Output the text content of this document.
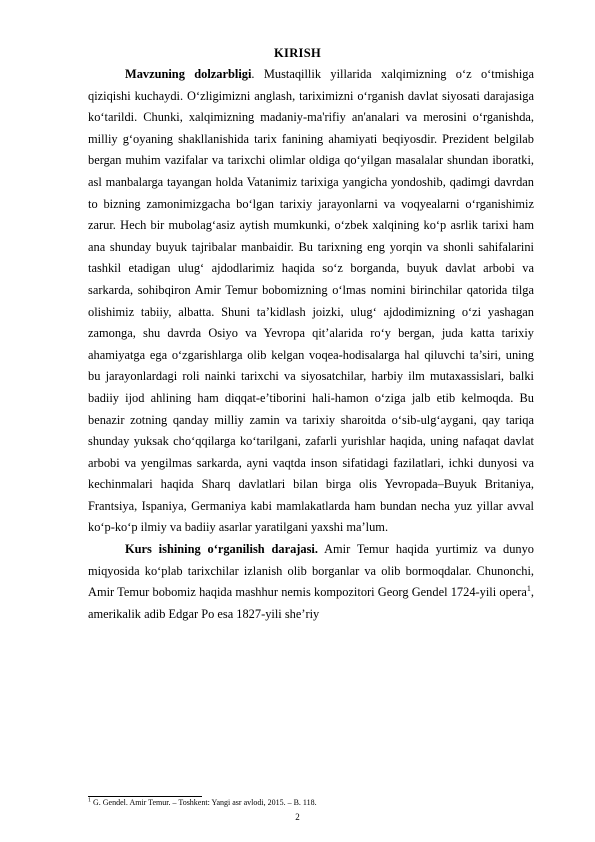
KIRISH

Mavzuning dolzarbligi. Mustaqillik yillarida xalqimizning o‘z o‘tmishiga qiziqishi kuchaydi. O‘zligimizni anglash, tariximizni o‘rganish davlat siyosati darajasiga ko‘tarildi. Chunki, xalqimizning madaniy-ma'rifiy an'analari va merosini o‘rganishda, milliy g‘oyaning shakllanishida tarix fanining ahamiyati beqiyosdir. Prezident belgilab bergan muhim vazifalar va tarixchi olimlar oldiga qo‘yilgan masalalar shundan iboratki, asl manbalarga tayangan holda Vatanimiz tarixiga yangicha yondoshib, qadimgi davrdan to bizning zamonimizgacha bo‘lgan tarixiy jarayonlarni va voqyealarni o‘rganishimiz zarur. Hech bir mubolag‘asiz aytish mumkunki, o‘zbek xalqining ko‘p asrlik tarixi ham ana shunday buyuk tajribalar manbaidir. Bu tarixning eng yorqin va shonli sahifalarini tashkil etadigan ulug‘ ajdodlarimiz haqida so‘z borganda, buyuk davlat arbobi va sarkarda, sohibqiron Amir Temur bobomizning o‘lmas nomini birinchilar qatorida tilga olishimiz tabiiy, albatta. Shuni ta’kidlash joizki, ulug‘ ajdodimizning o‘zi yashagan zamonga, shu davrda Osiyo va Yevropa qit’alarida ro‘y bergan, juda katta tarixiy ahamiyatga ega o‘zgarishlarga olib kelgan voqea-hodisalarga hal qiluvchi ta’siri, uning bu jarayonlardagi roli nainki tarixchi va siyosatchilar, harbiy ilm mutaxassislari, balki badiiy ijod ahlining ham diqqat-e’tiborini hali-hamon o‘ziga jalb etib kelmoqda. Bu benazir zotning qanday milliy zamin va tarixiy sharoitda o‘sib-ulg‘aygani, qay tariqa shunday yuksak cho‘qqilarga ko‘tarilgani, zafarli yurishlar haqida, uning nafaqat davlat arbobi va yengilmas sarkarda, ayni vaqtda inson sifatidagi fazilatlari, ichki dunyosi va kechinmalari haqida Sharq davlatlari bilan birga olis Yevropada–Buyuk Britaniya, Frantsiya, Ispaniya, Germaniya kabi mamlakatlarda ham bundan necha yuz yillar avval ko‘p-ko‘p ilmiy va badiiy asarlar yaratilgani yaxshi ma’lum.

Kurs ishining o‘rganilish darajasi. Amir Temur haqida yurtimiz va dunyo miqyosida ko‘plab tarixchilar izlanish olib borganlar va olib bormoqdalar. Chunonchi, Amir Temur bobomiz haqida mashhur nemis kompozitori Georg Gendel 1724-yili opera$^1$, amerikalik adib Edgar Po esa 1827-yili she’riy

$^1$ G. Gendel. Amir Temur. – Toshkent: Yangi asr avlodi, 2015. – B. 118.
2
